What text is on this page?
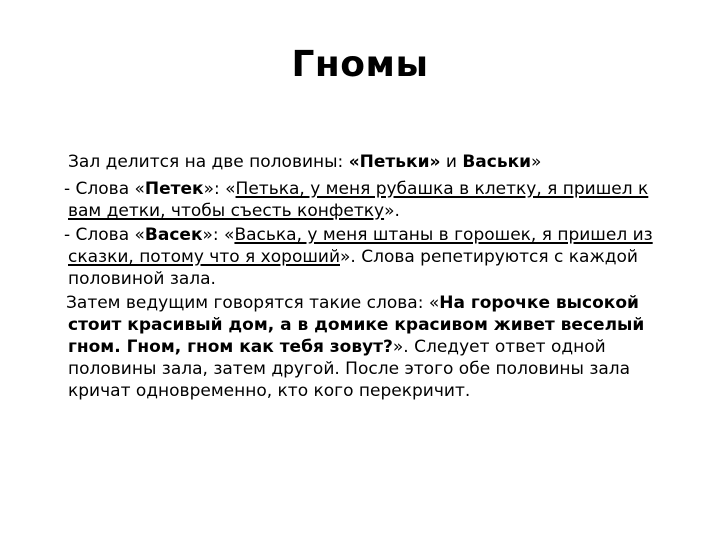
Гномы
Зал делится на две половины: «Петьки» и Васьки»
- Слова «Петек»: «Петька, у меня рубашка в клетку, я пришел к
вам детки, чтобы съесть конфетку».
- Слова «Васек»: «Васька, у меня штаны в горошек, я пришел из
сказки, потому что я хороший». Слова репетируются с каждой
половиной зала.
Затем ведущим говорятся такие слова: «На горочке высокой
стоит красивый дом, а в домике красивом живет веселый
гном. Гном, гном как тебя зовут?». Следует ответ одной
половины зала, затем другой. После этого обе половины зала
кричат одновременно, кто кого перекричит.
